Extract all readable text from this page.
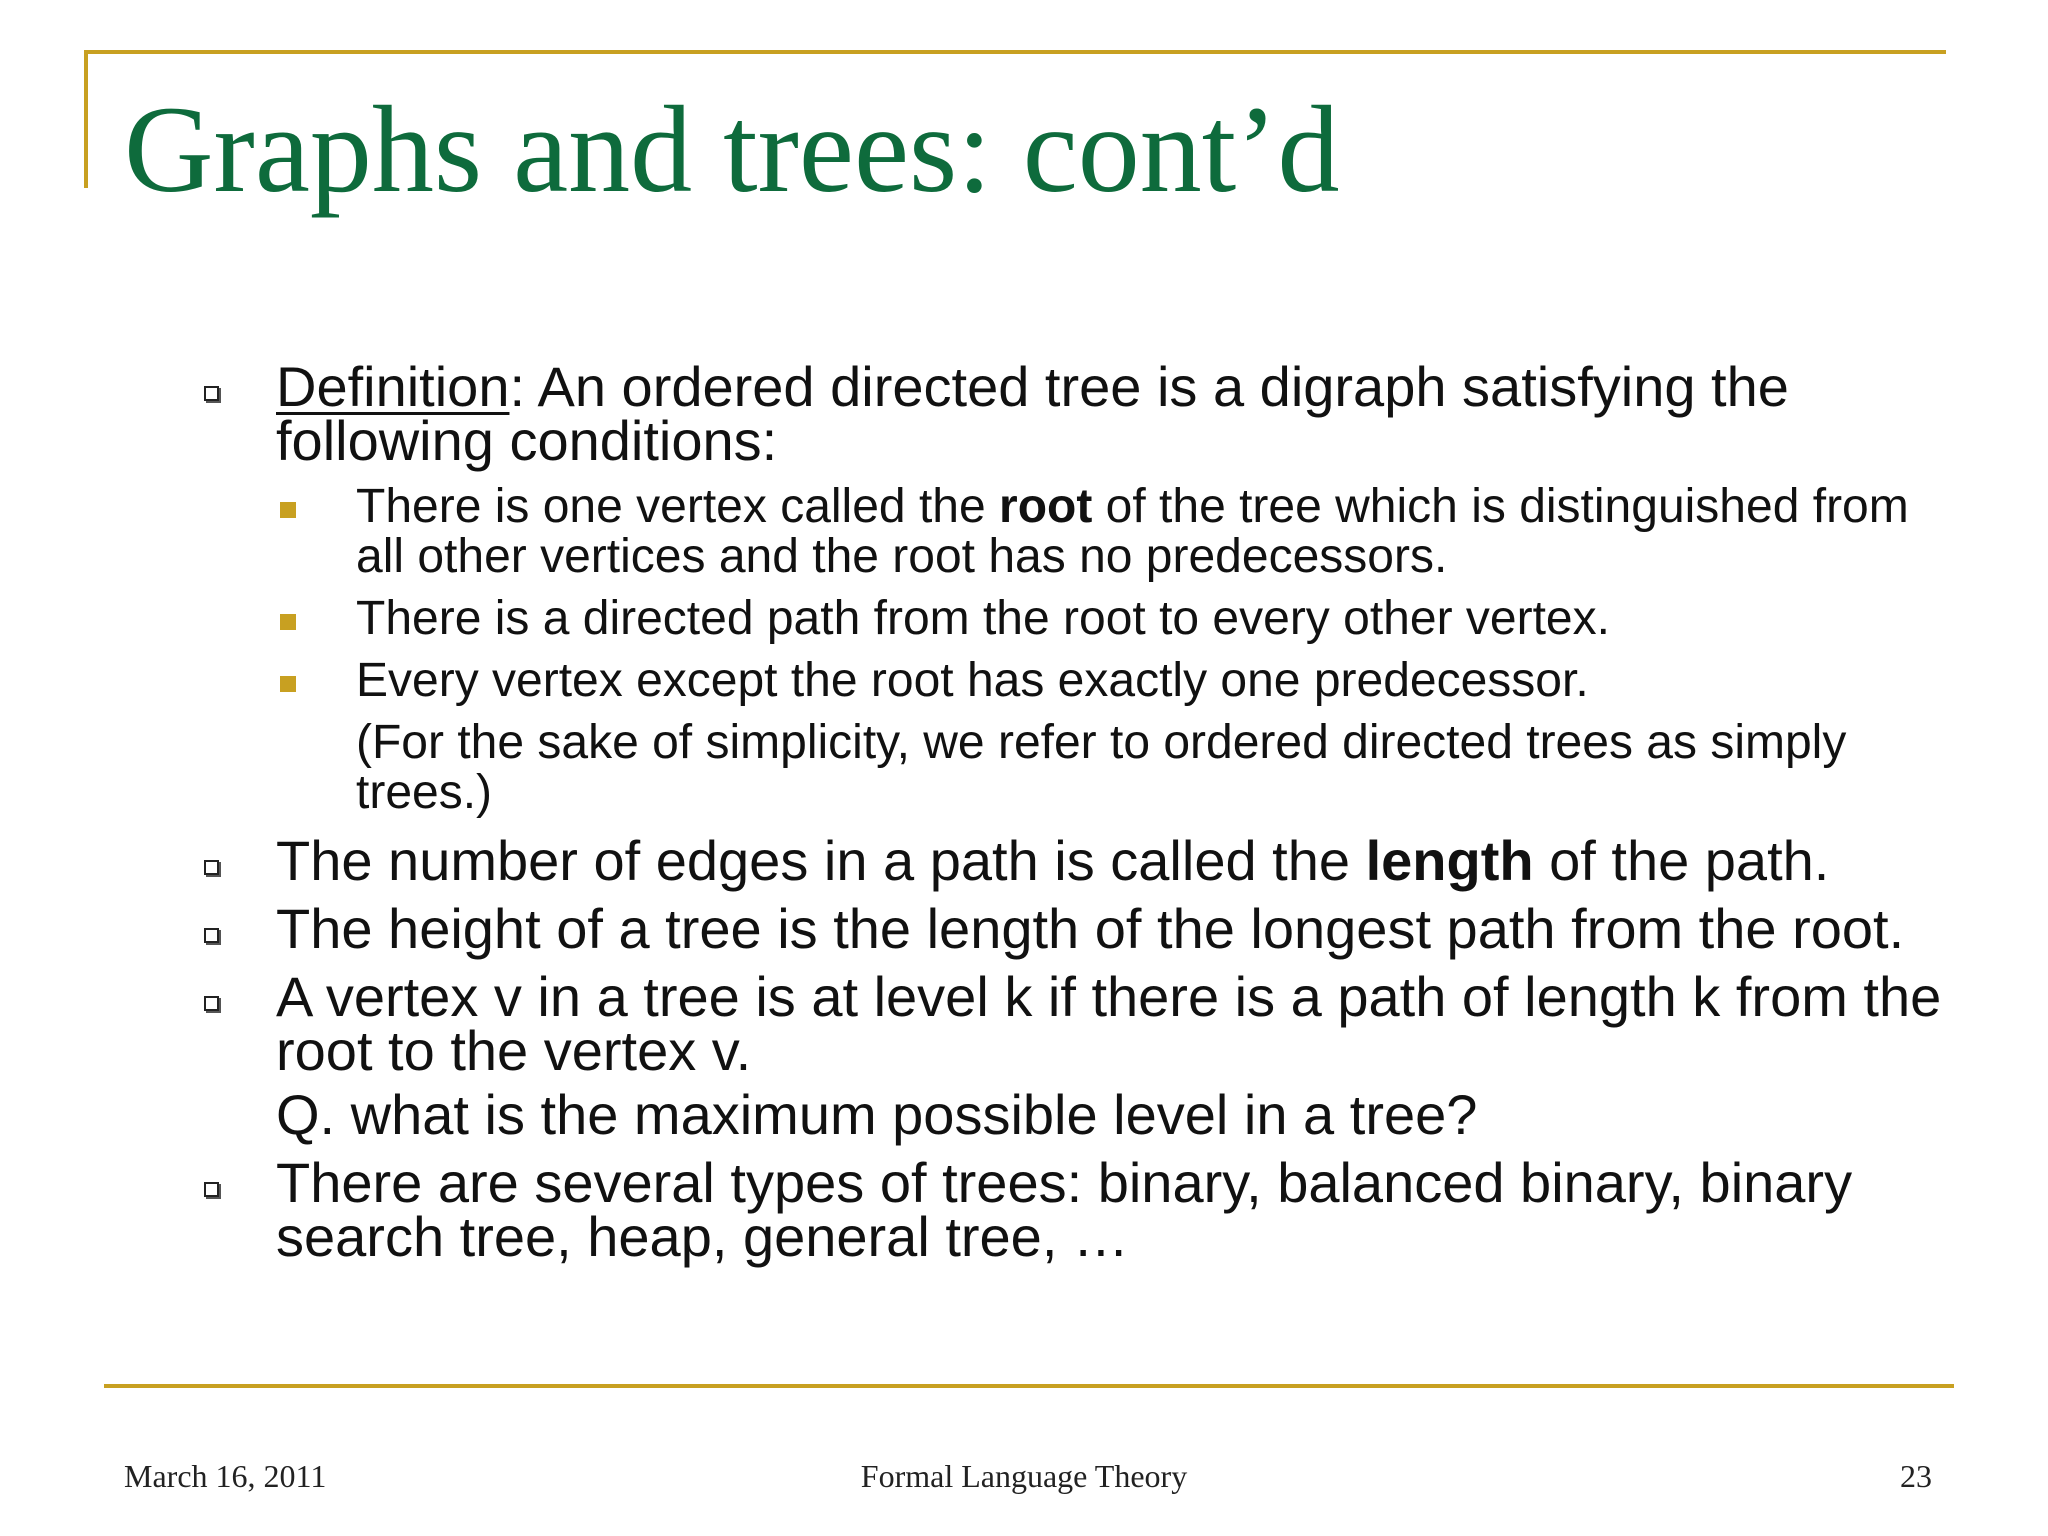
Graphs and trees: cont’d
Definition: An ordered directed tree is a digraph satisfying the following conditions:
There is one vertex called the root of the tree which is distinguished from all other vertices and the root has no predecessors.
There is a directed path from the root to every other vertex.
Every vertex except the root has exactly one predecessor.
(For the sake of simplicity, we refer to ordered directed trees as simply trees.)
The number of edges in a path is called the length of the path.
The height of a tree is the length of the longest path from the root.
A vertex v in a tree is at level k if there is a path of length k from the root to the vertex v.
Q. what is the maximum possible level in a tree?
There are several types of trees: binary, balanced binary, binary search tree, heap, general tree, …
March 16, 2011	Formal Language Theory	23
